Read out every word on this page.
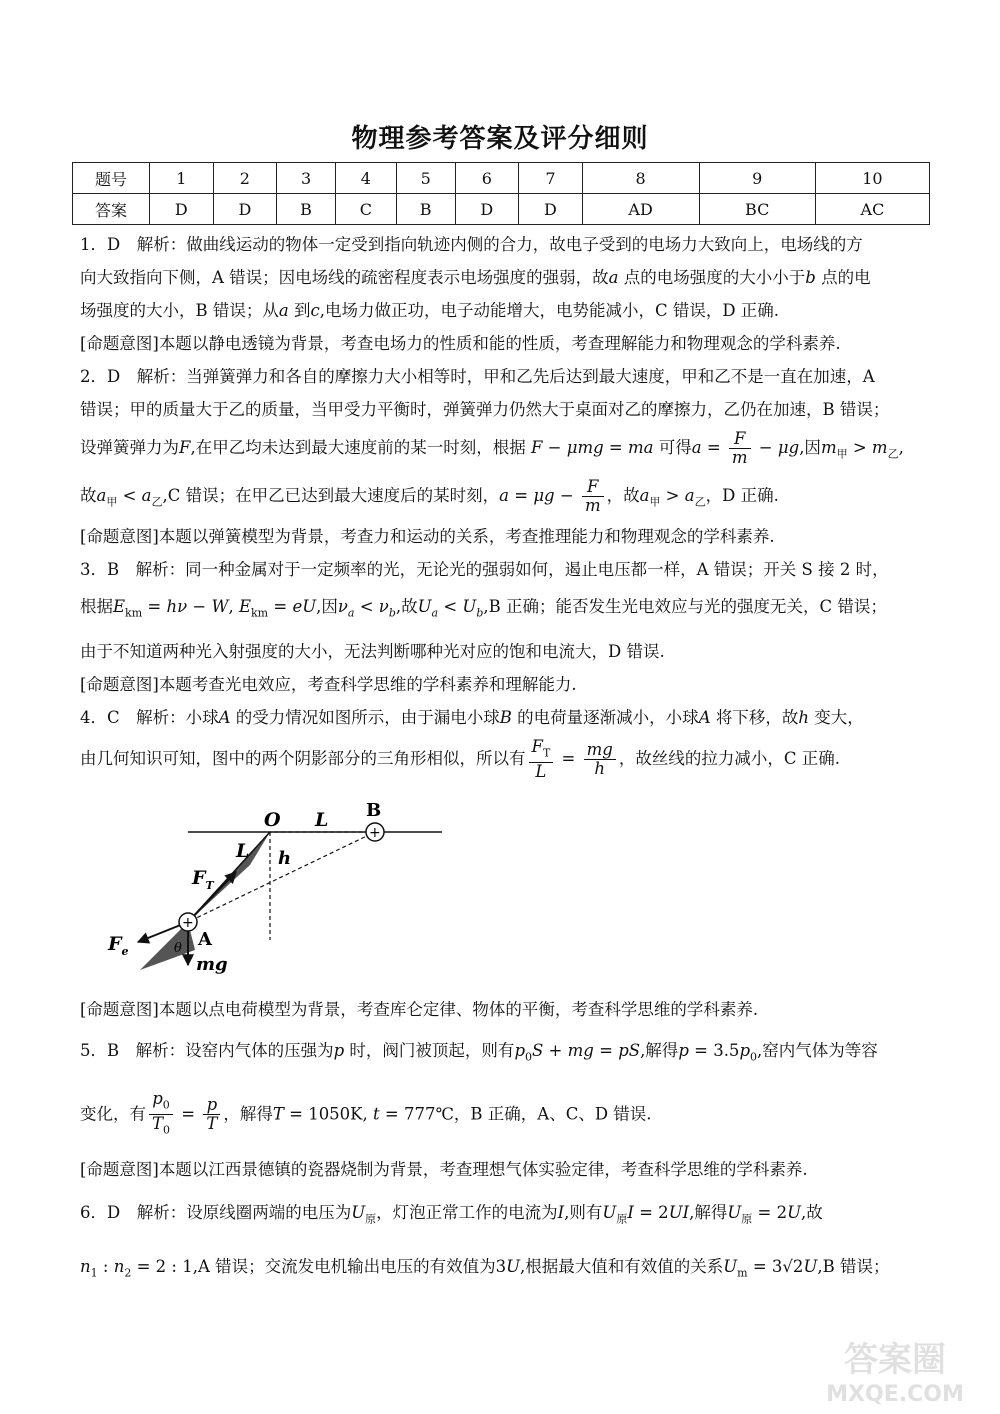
物理参考答案及评分细则
题号	1	2	3	4	5	6	7	8	9	10
答案	D	D	B	C	B	D	D	AD	BC	AC
1．D　解析：做曲线运动的物体一定受到指向轨迹内侧的合力，故电子受到的电场力大致向上，电场线的方
向大致指向下侧，A 错误；因电场线的疏密程度表示电场强度的强弱，故a 点的电场强度的大小小于b 点的电
场强度的大小，B 错误；从a 到c,电场力做正功，电子动能增大，电势能减小，C 错误，D 正确.
[命题意图]本题以静电透镜为背景，考查电场力的性质和能的性质，考查理解能力和物理观念的学科素养.
2．D　解析：当弹簧弹力和各自的摩擦力大小相等时，甲和乙先后达到最大速度，甲和乙不是一直在加速，A
错误；甲的质量大于乙的质量，当甲受力平衡时，弹簧弹力仍然大于桌面对乙的摩擦力，乙仍在加速，B 错误；
设弹簧弹力为F,在甲乙均未达到最大速度前的某一时刻，根据 F − μmg = ma 可得$a = \frac{F}{m} - \mu g$,因$m_甲 > m_乙$,
故$a_甲 < a_乙,C$ 错误；在甲乙已达到最大速度后的某时刻，$a = \mu g - \frac{F}{m}$ ，故$a_甲 > a_乙$，D 正确.
[命题意图]本题以弹簧模型为背景，考查力和运动的关系，考查推理能力和物理观念的学科素养.
3．B　解析：同一种金属对于一定频率的光，无论光的强弱如何，遏止电压都一样，A 错误；开关 S 接 2 时，
根据$E_{km} = h\nu - W$, $E_{km}$ = eU,因$\nu_a < \nu_b$,故$U_a < U_b,B$ 正确；能否发生光电效应与光的强度无关，C 错误；
由于不知道两种光入射强度的大小，无法判断哪种光对应的饱和电流大，D 错误.
[命题意图]本题考查光电效应，考查科学思维的学科素养和理解能力.
4．C　解析：小球A 的受力情况如图所示，由于漏电小球B 的电荷量逐渐减小，小球A 将下移，故h 变大，
由几何知识可知，图中的两个阴影部分的三角形相似，所以有 $\frac{F_T}{L} = \frac{mg}{h}$ ，故丝线的拉力减小，C 正确.
+
+
O L B
L h
θ
$F_T$
A
θ
$F_e$
mg
[命题意图]本题以点电荷模型为背景，考查库仑定律、物体的平衡，考查科学思维的学科素养.
5．B　解析：设窑内气体的压强为p 时，阀门被顶起，则有$p_0S$ + mg = pS,解得$p = 3.5p_0$,窑内气体为等容
变化，有 $\frac{p_0}{T_0} = \frac{p}{T}$ ，解得T = 1050K, t = 777℃，B 正确，A、C、D 错误.
[命题意图]本题以江西景德镇的瓷器烧制为背景，考查理想气体实验定律，考查科学思维的学科素养.
6．D　解析：设原线圈两端的电压为$U_原$，灯泡正常工作的电流为I,则有$U_原I = 2UI$,解得$U_原 = 2U$,故
$n_1$ : $n_2 = 2$ : 1,A 错误；交流发电机输出电压的有效值为3U,根据最大值和有效值的关系$U_m = 3√2U,B$ 错误；
答案圈
MXQE.COM
